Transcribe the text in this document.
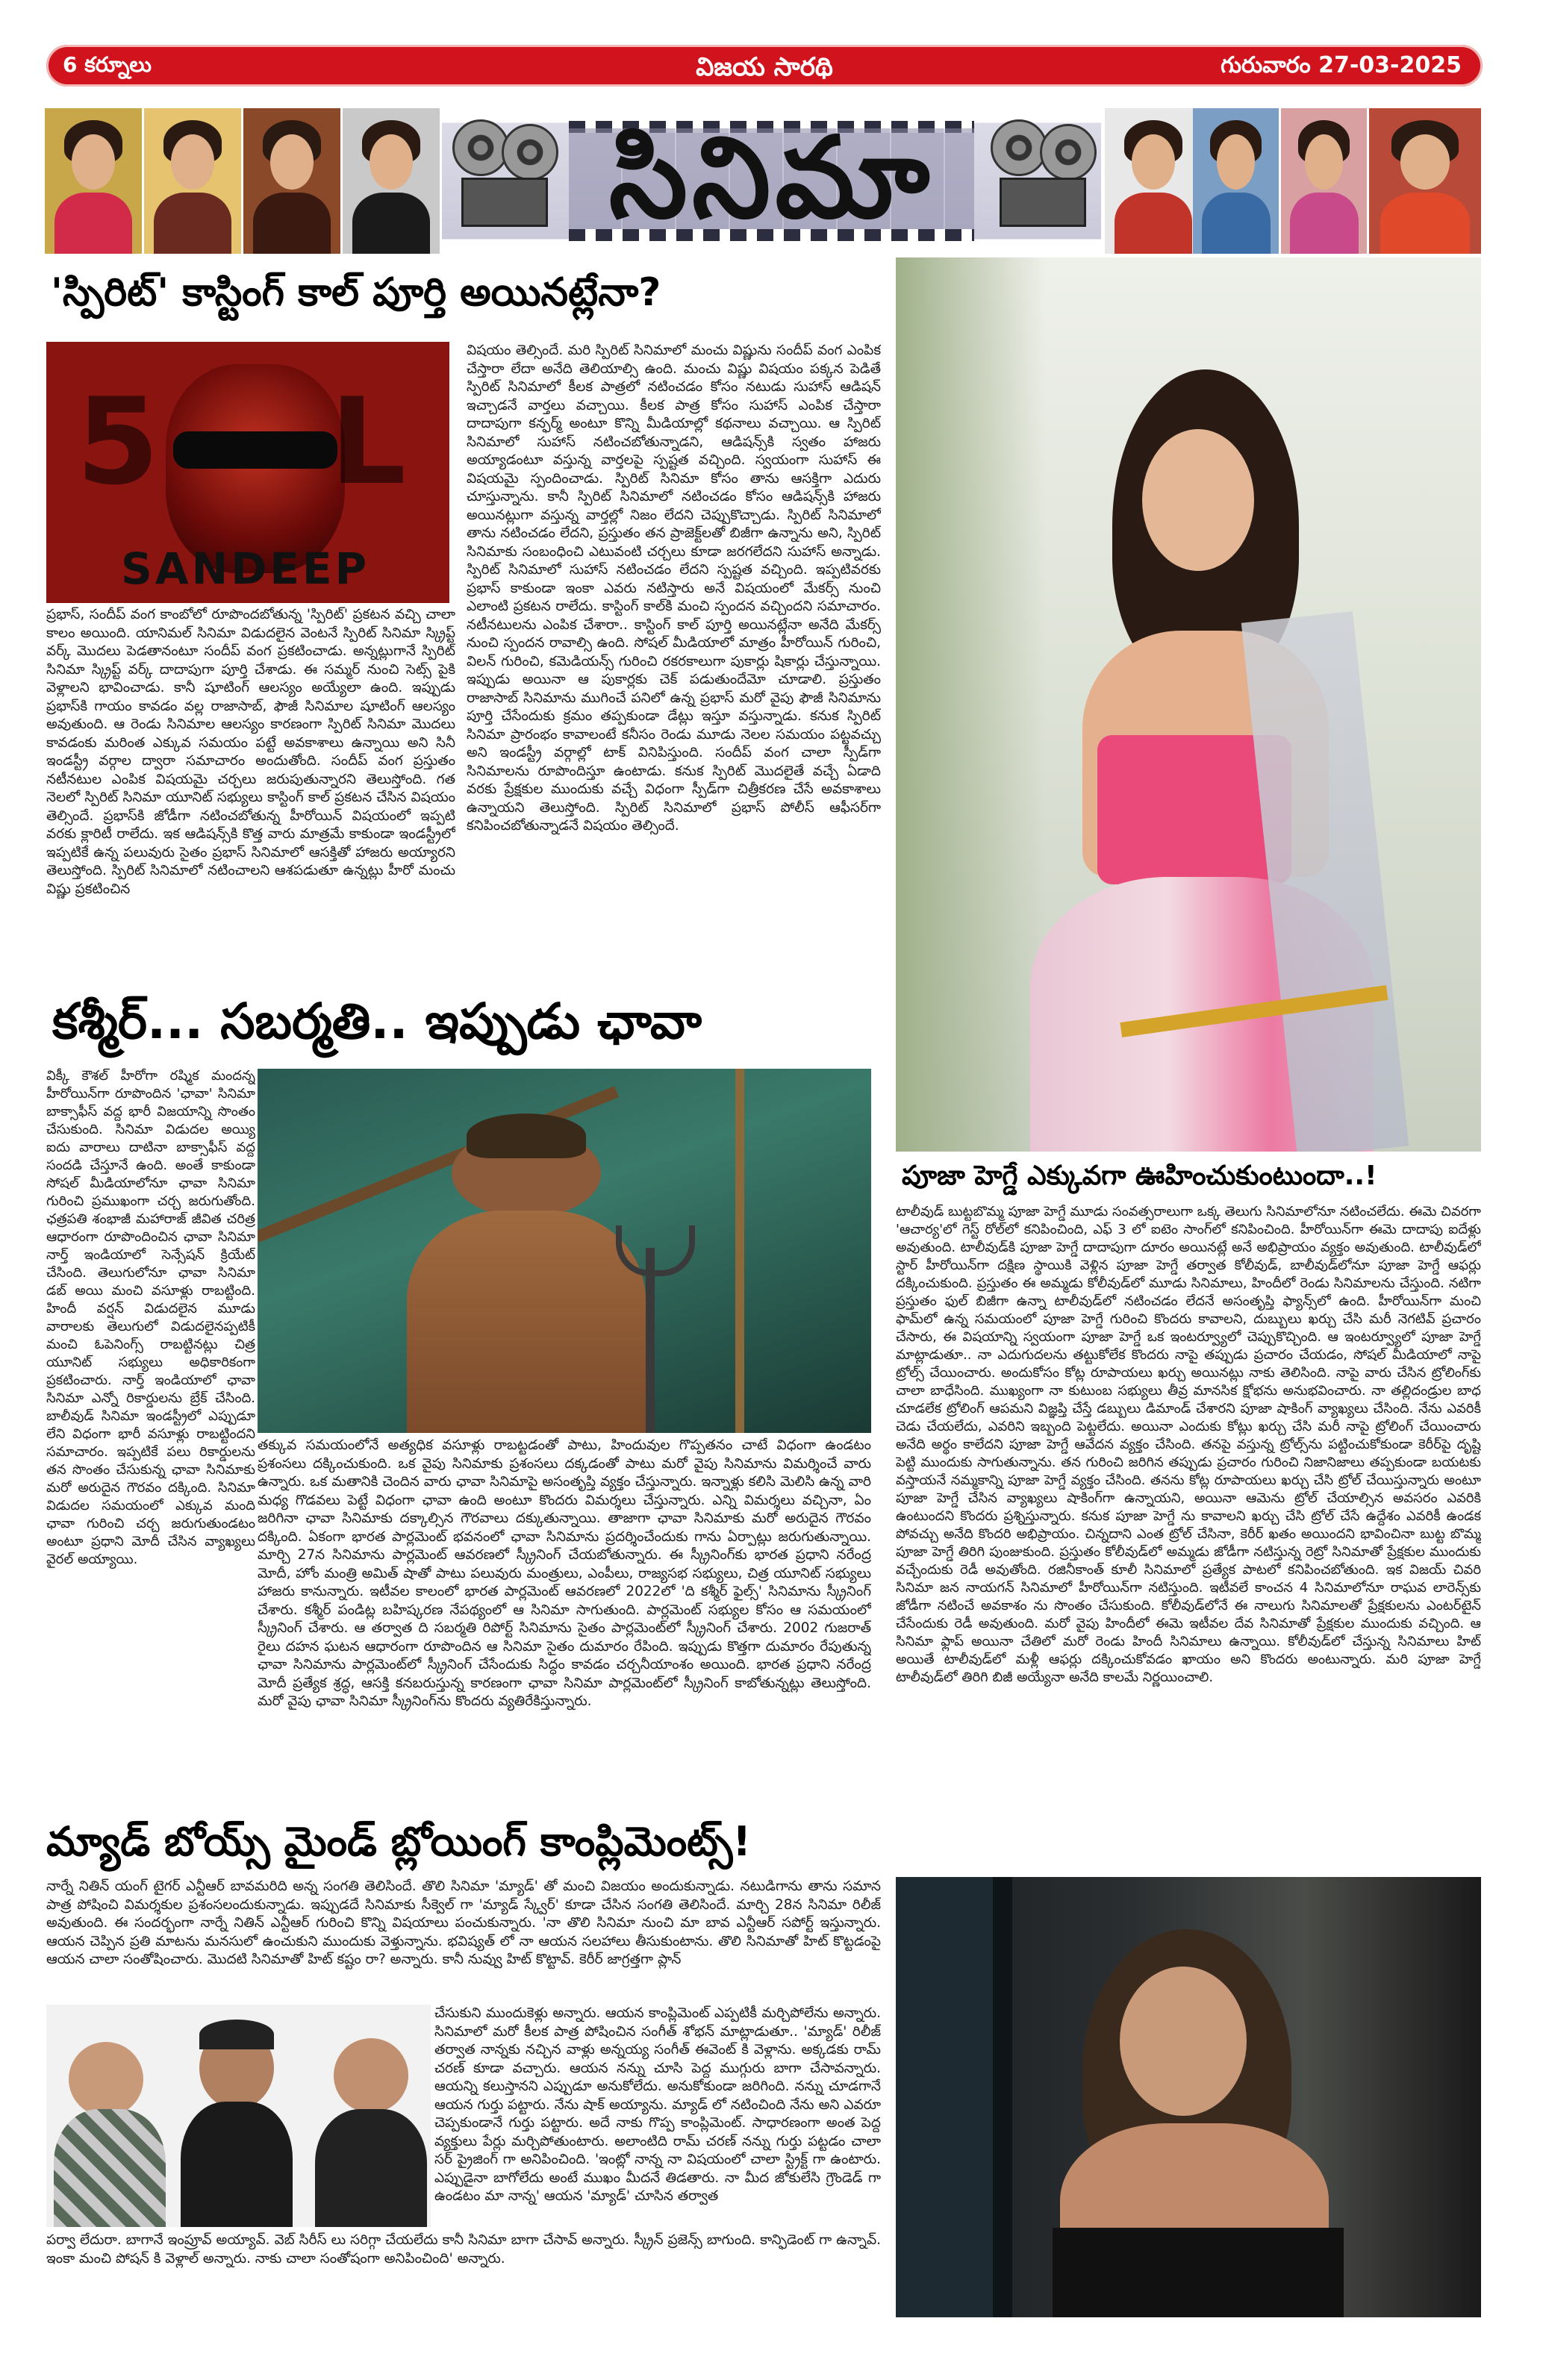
6 కర్నూలు	విజయ సారథి	గురువారం 27-03-2025
సినిమా
'స్పిరిట్' కాస్టింగ్ కాల్ పూర్తి అయినట్లేనా?
5 L
SANDEEP
ప్రభాస్, సందీప్ వంగ కాంబోలో రూపొందబోతున్న 'స్పిరిట్' ప్రకటన వచ్చి చాలా కాలం అయింది. యానిమల్ సినిమా విడుదలైన వెంటనే స్పిరిట్ సినిమా స్క్రిప్ట్ వర్క్ మొదలు పెడతానంటూ సందీప్ వంగ ప్రకటించాడు. అన్నట్లుగానే స్పిరిట్ సినిమా స్క్రిప్ట్ వర్క్ దాదాపుగా పూర్తి చేశాడు. ఈ సమ్మర్ నుంచి సెట్స్ పైకి వెళ్లాలని భావించాడు. కానీ షూటింగ్ ఆలస్యం అయ్యేలా ఉంది. ఇప్పుడు ప్రభాస్‌కి గాయం కావడం వల్ల రాజాసాబ్, ఫౌజీ సినిమాల షూటింగ్ ఆలస్యం అవుతుంది. ఆ రెండు సినిమాల ఆలస్యం కారణంగా స్పిరిట్ సినిమా మొదలు కావడంకు మరింత ఎక్కువ సమయం పట్టే అవకాశాలు ఉన్నాయి అని సినీ ఇండస్ట్రీ వర్గాల ద్వారా సమాచారం అందుతోంది. సందీప్ వంగ ప్రస్తుతం నటీనటుల ఎంపిక విషయమై చర్చలు జరుపుతున్నారని తెలుస్తోంది. గత నెలలో స్పిరిట్ సినిమా యూనిట్ సభ్యులు కాస్టింగ్ కాల్ ప్రకటన చేసిన విషయం తెల్సిందే. ప్రభాస్‌కి జోడీగా నటించబోతున్న హీరోయిన్ విషయంలో ఇప్పటి వరకు క్లారిటీ రాలేదు. ఇక ఆడిషన్స్‌కి కొత్త వారు మాత్రమే కాకుండా ఇండస్ట్రీలో ఇప్పటికే ఉన్న పలువురు సైతం ప్రభాస్ సినిమాలో ఆసక్తితో హాజరు అయ్యారని తెలుస్తోంది. స్పిరిట్ సినిమాలో నటించాలని ఆశపడుతూ ఉన్నట్లు హీరో మంచు విష్ణు ప్రకటించిన
విషయం తెల్సిందే. మరి స్పిరిట్ సినిమాలో మంచు విష్ణును సందీప్ వంగ ఎంపిక చేస్తారా లేదా అనేది తెలియాల్సి ఉంది. మంచు విష్ణు విషయం పక్కన పెడితే స్పిరిట్ సినిమాలో కీలక పాత్రలో నటించడం కోసం నటుడు సుహాస్ ఆడిషన్ ఇచ్చాడనే వార్తలు వచ్చాయి. కీలక పాత్ర కోసం సుహాస్ ఎంపిక చేస్తారా దాదాపుగా కన్ఫర్మ్ అంటూ కొన్ని మీడియాల్లో కథనాలు వచ్చాయి. ఆ స్పిరిట్ సినిమాలో సుహాస్ నటించబోతున్నాడని, ఆడిషన్స్‌కి స్వతం హాజరు అయ్యాడంటూ వస్తున్న వార్తలపై స్పష్టత వచ్చింది. స్వయంగా సుహాస్ ఈ విషయమై స్పందించాడు. స్పిరిట్ సినిమా కోసం తాను ఆసక్తిగా ఎదురు చూస్తున్నాను. కానీ స్పిరిట్ సినిమాలో నటించడం కోసం ఆడిషన్స్‌కి హాజరు అయినట్లుగా వస్తున్న వార్తల్లో నిజం లేదని చెప్పుకొచ్చాడు. స్పిరిట్ సినిమాలో తాను నటించడం లేదని, ప్రస్తుతం తన ప్రాజెక్ట్‌లతో బిజీగా ఉన్నాను అని, స్పిరిట్ సినిమాకు సంబంధించి ఎటువంటి చర్చలు కూడా జరగలేదని సుహాస్ అన్నాడు. స్పిరిట్ సినిమాలో సుహాస్ నటించడం లేదని స్పష్టత వచ్చింది. ఇప్పటివరకు ప్రభాస్ కాకుండా ఇంకా ఎవరు నటిస్తారు అనే విషయంలో మేకర్స్ నుంచి ఎలాంటి ప్రకటన రాలేదు. కాస్టింగ్ కాల్‌కి మంచి స్పందన వచ్చిందని సమాచారం. నటీనటులను ఎంపిక చేశారా.. కాస్టింగ్ కాల్ పూర్తి అయినట్లేనా అనేది మేకర్స్ నుంచి స్పందన రావాల్సి ఉంది. సోషల్ మీడియాలో మాత్రం హీరోయిన్ గురించి, విలన్ గురించి, కమెడియన్స్ గురించి రకరకాలుగా పుకార్లు షికార్లు చేస్తున్నాయి. ఇప్పుడు అయినా ఆ పుకార్లకు చెక్ పడుతుందేమో చూడాలి. ప్రస్తుతం రాజాసాబ్ సినిమాను ముగించే పనిలో ఉన్న ప్రభాస్ మరో వైపు ఫౌజీ సినిమాను పూర్తి చేసేందుకు క్రమం తప్పకుండా డేట్లు ఇస్తూ వస్తున్నాడు. కనుక స్పిరిట్ సినిమా ప్రారంభం కావాలంటే కనీసం రెండు మూడు నెలల సమయం పట్టవచ్చు అని ఇండస్ట్రీ వర్గాల్లో టాక్ వినిపిస్తుంది. సందీప్ వంగ చాలా స్పీడ్‌గా సినిమాలను రూపొందిస్తూ ఉంటాడు. కనుక స్పిరిట్ మొదలైతే వచ్చే ఏడాది వరకు ప్రేక్షకుల ముందుకు వచ్చే విధంగా స్పీడ్‌గా చిత్రీకరణ చేసే అవకాశాలు ఉన్నాయని తెలుస్తోంది. స్పిరిట్ సినిమాలో ప్రభాస్ పోలీస్ ఆఫీసర్‌గా కనిపించబోతున్నాడనే విషయం తెల్సిందే.
కశ్మీర్... సబర్మతి.. ఇప్పుడు ఛావా
విక్కీ కౌశల్ హీరోగా రష్మిక మందన్న హీరోయిన్‌గా రూపొందిన 'ఛావా' సినిమా బాక్సాఫీస్ వద్ద భారీ విజయాన్ని సొంతం చేసుకుంది. సినిమా విడుదల అయ్యి ఐదు వారాలు దాటినా బాక్సాఫీస్ వద్ద సందడి చేస్తూనే ఉంది. అంతే కాకుండా సోషల్ మీడియాలోనూ ఛావా సినిమా గురించి ప్రముఖంగా చర్చ జరుగుతోంది. ఛత్రపతి శంభాజీ మహారాజ్ జీవిత చరిత్ర ఆధారంగా రూపొందించిన ఛావా సినిమా నార్త్ ఇండియాలో సెన్సేషన్ క్రియేట్ చేసింది. తెలుగులోనూ ఛావా సినిమా డబ్ అయి మంచి వసూళ్లు రాబట్టింది. హిందీ వర్షన్ విడుదలైన మూడు వారాలకు తెలుగులో విడుదలైనప్పటికీ మంచి ఓపెనింగ్స్ రాబట్టినట్లు చిత్ర యూనిట్ సభ్యులు అధికారికంగా ప్రకటించారు. నార్త్ ఇండియాలో ఛావా సినిమా ఎన్నో రికార్డులను బ్రేక్ చేసింది. బాలీవుడ్ సినిమా ఇండస్ట్రీలో ఎప్పుడూ లేని విధంగా భారీ వసూళ్లు రాబట్టిందని సమాచారం. ఇప్పటికే పలు రికార్డులను తన సొంతం చేసుకున్న ఛావా సినిమాకు మరో అరుదైన గౌరవం దక్కింది. సినిమా విడుదల సమయంలో ఎక్కువ మంది ఛావా గురించి చర్చ జరుగుతుండటం అంటూ ప్రధాని మోదీ చేసిన వ్యాఖ్యలు వైరల్ అయ్యాయి.
తక్కువ సమయంలోనే అత్యధిక వసూళ్లు రాబట్టడంతో పాటు, హిందువుల గొప్పతనం చాటే విధంగా ఉండటం ప్రశంసలు దక్కించుకుంది. ఒక వైపు సినిమాకు ప్రశంసలు దక్కడంతో పాటు మరో వైపు సినిమాను విమర్శించే వారు ఉన్నారు. ఒక మతానికి చెందిన వారు ఛావా సినిమాపై అసంతృప్తి వ్యక్తం చేస్తున్నారు. ఇన్నాళ్లు కలిసి మెలిసి ఉన్న వారి మధ్య గొడవలు పెట్టే విధంగా ఛావా ఉంది అంటూ కొందరు విమర్శలు చేస్తున్నారు. ఎన్ని విమర్శలు వచ్చినా, ఏం జరిగినా ఛావా సినిమాకు దక్కాల్సిన గౌరవాలు దక్కుతున్నాయి. తాజాగా ఛావా సినిమాకు మరో అరుదైన గౌరవం దక్కింది. ఏకంగా భారత పార్లమెంట్ భవనంలో ఛావా సినిమాను ప్రదర్శించేందుకు గాను ఏర్పాట్లు జరుగుతున్నాయి. మార్చి 27న సినిమాను పార్లమెంట్ ఆవరణలో స్క్రీనింగ్ చేయబోతున్నారు. ఈ స్క్రీనింగ్‌కు భారత ప్రధాని నరేంద్ర మోదీ, హోం మంత్రి అమిత్ షాతో పాటు పలువురు మంత్రులు, ఎంపీలు, రాజ్యసభ సభ్యులు, చిత్ర యూనిట్ సభ్యులు హాజరు కానున్నారు. ఇటీవల కాలంలో భారత పార్లమెంట్ ఆవరణలో 2022లో 'ది కశ్మీర్ ఫైల్స్' సినిమాను స్క్రీనింగ్ చేశారు. కశ్మీర్ పండిట్ల బహిష్కరణ నేపథ్యంలో ఆ సినిమా సాగుతుంది. పార్లమెంట్ సభ్యుల కోసం ఆ సమయంలో స్క్రీనింగ్ చేశారు. ఆ తర్వాత ది సబర్మతి రిపోర్ట్ సినిమాను సైతం పార్లమెంట్‌లో స్క్రీనింగ్ చేశారు. 2002 గుజరాత్ రైలు దహన ఘటన ఆధారంగా రూపొందిన ఆ సినిమా సైతం దుమారం రేపింది. ఇప్పుడు కొత్తగా దుమారం రేపుతున్న ఛావా సినిమాను పార్లమెంట్‌లో స్క్రీనింగ్ చేసేందుకు సిద్ధం కావడం చర్చనీయాంశం అయింది. భారత ప్రధాని నరేంద్ర మోదీ ప్రత్యేక శ్రద్ధ, ఆసక్తి కనబరుస్తున్న కారణంగా ఛావా సినిమా పార్లమెంట్‌లో స్క్రీనింగ్ కాబోతున్నట్లు తెలుస్తోంది. మరో వైపు ఛావా సినిమా స్క్రీనింగ్‌ను కొందరు వ్యతిరేకిస్తున్నారు.
మ్యాడ్ బోయ్స్ మైండ్ బ్లోయింగ్ కాంప్లిమెంట్స్!
నార్నే నితిన్ యంగ్ టైగర్ ఎన్టీఆర్ బావమరిది అన్న సంగతి తెలిసిందే. తొలి సినిమా 'మ్యాడ్' తో మంచి విజయం అందుకున్నాడు. నటుడిగాను తాను సమాన పాత్ర పోషించి విమర్శకుల ప్రశంసలందుకున్నాడు. ఇప్పుడదే సినిమాకు సీక్వెల్ గా 'మ్యాడ్ స్క్వేర్' కూడా చేసిన సంగతి తెలిసిందే. మార్చి 28న సినిమా రిలీజ్ అవుతుంది. ఈ సందర్భంగా నార్నే నితిన్ ఎన్టీఆర్ గురించి కొన్ని విషయాలు పంచుకున్నారు. 'నా తొలి సినిమా నుంచి మా బావ ఎన్టీఆర్ సపోర్ట్ ఇస్తున్నారు. ఆయన చెప్పిన ప్రతి మాటను మనసులో ఉంచుకుని ముందుకు వెళ్తున్నాను. భవిష్యత్ లో నా ఆయన సలహాలు తీసుకుంటాను. తొలి సినిమాతో హిట్ కొట్టడంపై ఆయన చాలా సంతోషించారు. మొదటి సినిమాతో హిట్ కష్టం రా? అన్నారు. కానీ నువ్వు హిట్ కొట్టావ్. కెరీర్ జాగ్రత్తగా ప్లాన్
చేసుకుని ముందుకెళ్లు అన్నారు. ఆయన కాంప్లిమెంట్ ఎప్పటికీ మర్చిపోలేను అన్నారు. సినిమాలో మరో కీలక పాత్ర పోషించిన సంగీత్ శోభన్ మాట్లాడుతూ.. 'మ్యాడ్' రిలీజ్ తర్వాత నాన్నకు నచ్చిన వాళ్లు అన్నయ్య సంగీత్ ఈవెంట్ కి వెళ్లాను. అక్కడకు రామ్ చరణ్ కూడా వచ్చారు. ఆయన నన్ను చూసి పెద్ద ముగ్గురు బాగా చేసావన్నారు. ఆయన్ని కలుస్తానని ఎప్పుడూ అనుకోలేదు. అనుకోకుండా జరిగింది. నన్ను చూడగానే ఆయన గుర్తు పట్టారు. నేను షాక్ అయ్యాను. మ్యాడ్ లో నటించింది నేను అని ఎవరూ చెప్పకుండానే గుర్తు పట్టారు. అదే నాకు గొప్ప కాంప్లిమెంట్. సాధారణంగా అంత పెద్ద వ్యక్తులు పేర్లు మర్చిపోతుంటారు. అలాంటిది రామ్ చరణ్ నన్ను గుర్తు పట్టడం చాలా సర్ ప్రైజింగ్ గా అనిపించింది. 'ఇంట్లో నాన్న నా విషయంలో చాలా స్ట్రిక్ట్ గా ఉంటారు. ఎప్పుడైనా బాగోలేదు అంటే ముఖం మీదనే తిడతారు. నా మీద జోకులేసి గ్రౌండెడ్ గా ఉండటం మా నాన్న' ఆయన 'మ్యాడ్' చూసిన తర్వాత
పర్వా లేదురా. బాగానే ఇంప్రూవ్ అయ్యావ్. వెబ్ సిరీస్ లు సరిగ్గా చేయలేదు కానీ సినిమా బాగా చేసావ్ అన్నారు. స్క్రీన్ ప్రజెన్స్ బాగుంది. కాన్ఫిడెంట్ గా ఉన్నావ్. ఇంకా మంచి పోషన్ కి వెళ్లాల్ అన్నారు. నాకు చాలా సంతోషంగా అనిపించింది' అన్నారు.
పూజా హెగ్డే ఎక్కువగా ఊహించుకుంటుందా..!
టాలీవుడ్ బుట్టబొమ్మ పూజా హెగ్డే మూడు సంవత్సరాలుగా ఒక్క తెలుగు సినిమాలోనూ నటించలేదు. ఈమె చివరగా 'ఆచార్య'లో గెస్ట్ రోల్‌లో కనిపించింది, ఎఫ్ 3 లో ఐటెం సాంగ్‌లో కనిపించింది. హీరోయిన్‌గా ఈమె దాదాపు ఐదేళ్లు అవుతుంది. టాలీవుడ్‌కి పూజా హెగ్డే దాదాపుగా దూరం అయినట్లే అనే అభిప్రాయం వ్యక్తం అవుతుంది. టాలీవుడ్‌లో స్టార్ హీరోయిన్‌గా దక్షిణ స్థాయికి వెళ్లిన పూజా హెగ్డే తర్వాత కోలీవుడ్, బాలీవుడ్‌లోనూ పూజా హెగ్డే ఆఫర్లు దక్కించుకుంది. ప్రస్తుతం ఈ అమ్మడు కోలీవుడ్‌లో మూడు సినిమాలు, హిందీలో రెండు సినిమాలను చేస్తుంది. నటిగా ప్రస్తుతం ఫుల్ బిజీగా ఉన్నా టాలీవుడ్‌లో నటించడం లేదనే అసంతృప్తి ఫ్యాన్స్‌లో ఉంది. హీరోయిన్‌గా మంచి ఫామ్‌లో ఉన్న సమయంలో పూజా హెగ్డే గురించి కొందరు కావాలని, దుబ్బులు ఖర్చు చేసి మరీ నెగటివ్ ప్రచారం చేసారు, ఈ విషయాన్ని స్వయంగా పూజా హెగ్డే ఒక ఇంటర్వ్యూలో చెప్పుకొచ్చింది. ఆ ఇంటర్వ్యూలో పూజా హెగ్డే మాట్లాడుతూ.. నా ఎదుగుదలను తట్టుకోలేక కొందరు నాపై తప్పుడు ప్రచారం చేయడం, సోషల్ మీడియాలో నాపై ట్రోల్స్ చేయించారు. అందుకోసం కోట్ల రూపాయలు ఖర్చు అయినట్లు నాకు తెలిసింది. నాపై వారు చేసిన ట్రోలింగ్‌కు చాలా బాధేసింది. ముఖ్యంగా నా కుటుంబ సభ్యులు తీవ్ర మానసిక క్షోభను అనుభవించారు. నా తల్లిదండ్రుల బాధ చూడలేక ట్రోలింగ్ ఆపమని విజ్ఞప్తి చేస్తే డబ్బులు డిమాండ్ చేశారని పూజా షాకింగ్ వ్యాఖ్యలు చేసింది. నేను ఎవరికీ చెడు చేయలేదు, ఎవరిని ఇబ్బంది పెట్టలేదు. అయినా ఎందుకు కోట్లు ఖర్చు చేసి మరీ నాపై ట్రోలింగ్ చేయించారు అనేది అర్థం కాలేదని పూజా హెగ్డే ఆవేదన వ్యక్తం చేసింది. తనపై వస్తున్న ట్రోల్స్‌ను పట్టించుకోకుండా కెరీర్‌పై దృష్టి పెట్టి ముందుకు సాగుతున్నాను. తన గురించి జరిగిన తప్పుడు ప్రచారం గురించి నిజానిజాలు తప్పకుండా బయటకు వస్తాయనే నమ్మకాన్ని పూజా హెగ్డే వ్యక్తం చేసింది. తనను కోట్ల రూపాయలు ఖర్చు చేసి ట్రోల్ చేయిస్తున్నారు అంటూ పూజా హెగ్డే చేసిన వ్యాఖ్యలు షాకింగ్‌గా ఉన్నాయని, అయినా ఆమెను ట్రోల్ చేయాల్సిన అవసరం ఎవరికి ఉంటుందని కొందరు ప్రశ్నిస్తున్నారు. కనుక పూజా హెగ్డే ను కావాలని ఖర్చు చేసి ట్రోల్ చేసే ఉద్దేశం ఎవరికీ ఉండక పోవచ్చు అనేది కొందరి అభిప్రాయం. చిన్నదాని ఎంత ట్రోల్ చేసినా, కెరీర్ ఖతం అయిందని భావించినా బుట్ట బొమ్మ పూజా హెగ్డే తిరిగి పుంజుకుంది. ప్రస్తుతం కోలీవుడ్‌లో అమ్మడు జోడీగా నటిస్తున్న రెట్రో సినిమాతో ప్రేక్షకుల ముందుకు వచ్చేందుకు రెడీ అవుతోంది. రజినీకాంత్ కూలీ సినిమాలో ప్రత్యేక పాటలో కనిపించబోతుంది. ఇక విజయ్ చివరి సినిమా జన నాయగన్ సినిమాలో హీరోయిన్‌గా నటిస్తుంది. ఇటీవలే కాంచన 4 సినిమాలోనూ రాఘవ లారెన్స్‌కు జోడీగా నటించే అవకాశం ను సొంతం చేసుకుంది. కోలీవుడ్‌లోనే ఈ నాలుగు సినిమాలతో ప్రేక్షకులను ఎంటర్‌టైన్ చేసేందుకు రెడీ అవుతుంది. మరో వైపు హిందీలో ఈమె ఇటీవల దేవ సినిమాతో ప్రేక్షకుల ముందుకు వచ్చింది. ఆ సినిమా ఫ్లాప్ అయినా చేతిలో మరో రెండు హిందీ సినిమాలు ఉన్నాయి. కోలీవుడ్‌లో చేస్తున్న సినిమాలు హిట్ అయితే టాలీవుడ్‌లో మళ్లీ ఆఫర్లు దక్కించుకోవడం ఖాయం అని కొందరు అంటున్నారు. మరి పూజా హెగ్డే టాలీవుడ్‌లో తిరిగి బిజీ అయ్యేనా అనేది కాలమే నిర్ణయించాలి.
